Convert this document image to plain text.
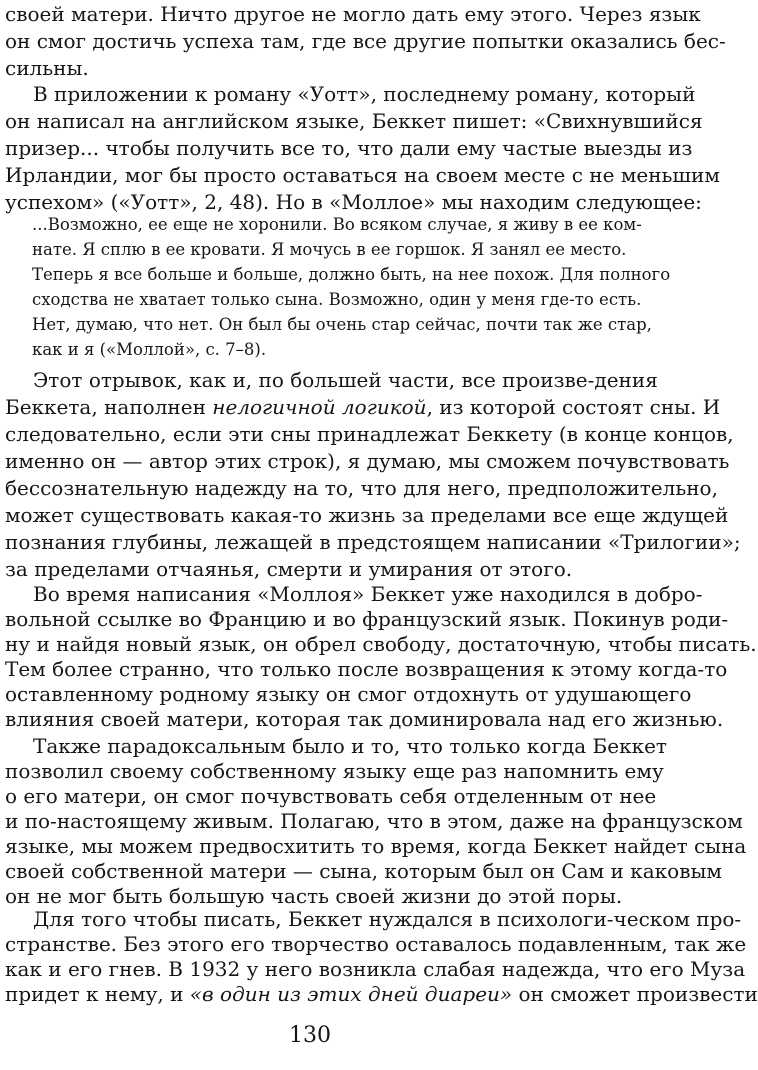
своей матери. Ничто другое не могло дать ему этого. Через язык
он смог достичь успеха там, где все другие попытки оказались бес-
сильны.
В приложении к роману «Уотт», последнему роману, который
он написал на английском языке, Беккет пишет: «Свихнувшийся
призер... чтобы получить все то, что дали ему частые выезды из
Ирландии, мог бы просто оставаться на своем месте с не меньшим
успехом» («Уотт», 2, 48). Но в «Моллое» мы находим следующее:
...Возможно, ее еще не хоронили. Во всяком случае, я живу в ее ком-
нате. Я сплю в ее кровати. Я мочусь в ее горшок. Я занял ее место.
Теперь я все больше и больше, должно быть, на нее похож. Для полного
сходства не хватает только сына. Возможно, один у меня где-то есть.
Нет, думаю, что нет. Он был бы очень стар сейчас, почти так же стар,
как и я («Моллой», с. 7–8).
Этот отрывок, как и, по большей части, все произве-дения
Беккета, наполнен нелогичной логикой, из которой состоят сны. И
следовательно, если эти сны принадлежат Беккету (в конце концов,
именно он — автор этих строк), я думаю, мы сможем почувствовать
бессознательную надежду на то, что для него, предположительно,
может существовать какая-то жизнь за пределами все еще ждущей
познания глубины, лежащей в предстоящем написании «Трилогии»;
за пределами отчаянья, смерти и умирания от этого.
Во время написания «Моллоя» Беккет уже находился в добро-
вольной ссылке во Францию и во французский язык. Покинув роди-
ну и найдя новый язык, он обрел свободу, достаточную, чтобы писать.
Тем более странно, что только после возвращения к этому когда-то
оставленному родному языку он смог отдохнуть от удушающего
влияния своей матери, которая так доминировала над его жизнью.
Также парадоксальным было и то, что только когда Беккет
позволил своему собственному языку еще раз напомнить ему
о его матери, он смог почувствовать себя отделенным от нее
и по-настоящему живым. Полагаю, что в этом, даже на французском
языке, мы можем предвосхитить то время, когда Беккет найдет сына
своей собственной матери — сына, которым был он Сам и каковым
он не мог быть большую часть своей жизни до этой поры.
Для того чтобы писать, Беккет нуждался в психологи-ческом про-
странстве. Без этого его творчество оставалось подавленным, так же
как и его гнев. В 1932 у него возникла слабая надежда, что его Муза
придет к нему, и «в один из этих дней диареи» он сможет произвести
130
